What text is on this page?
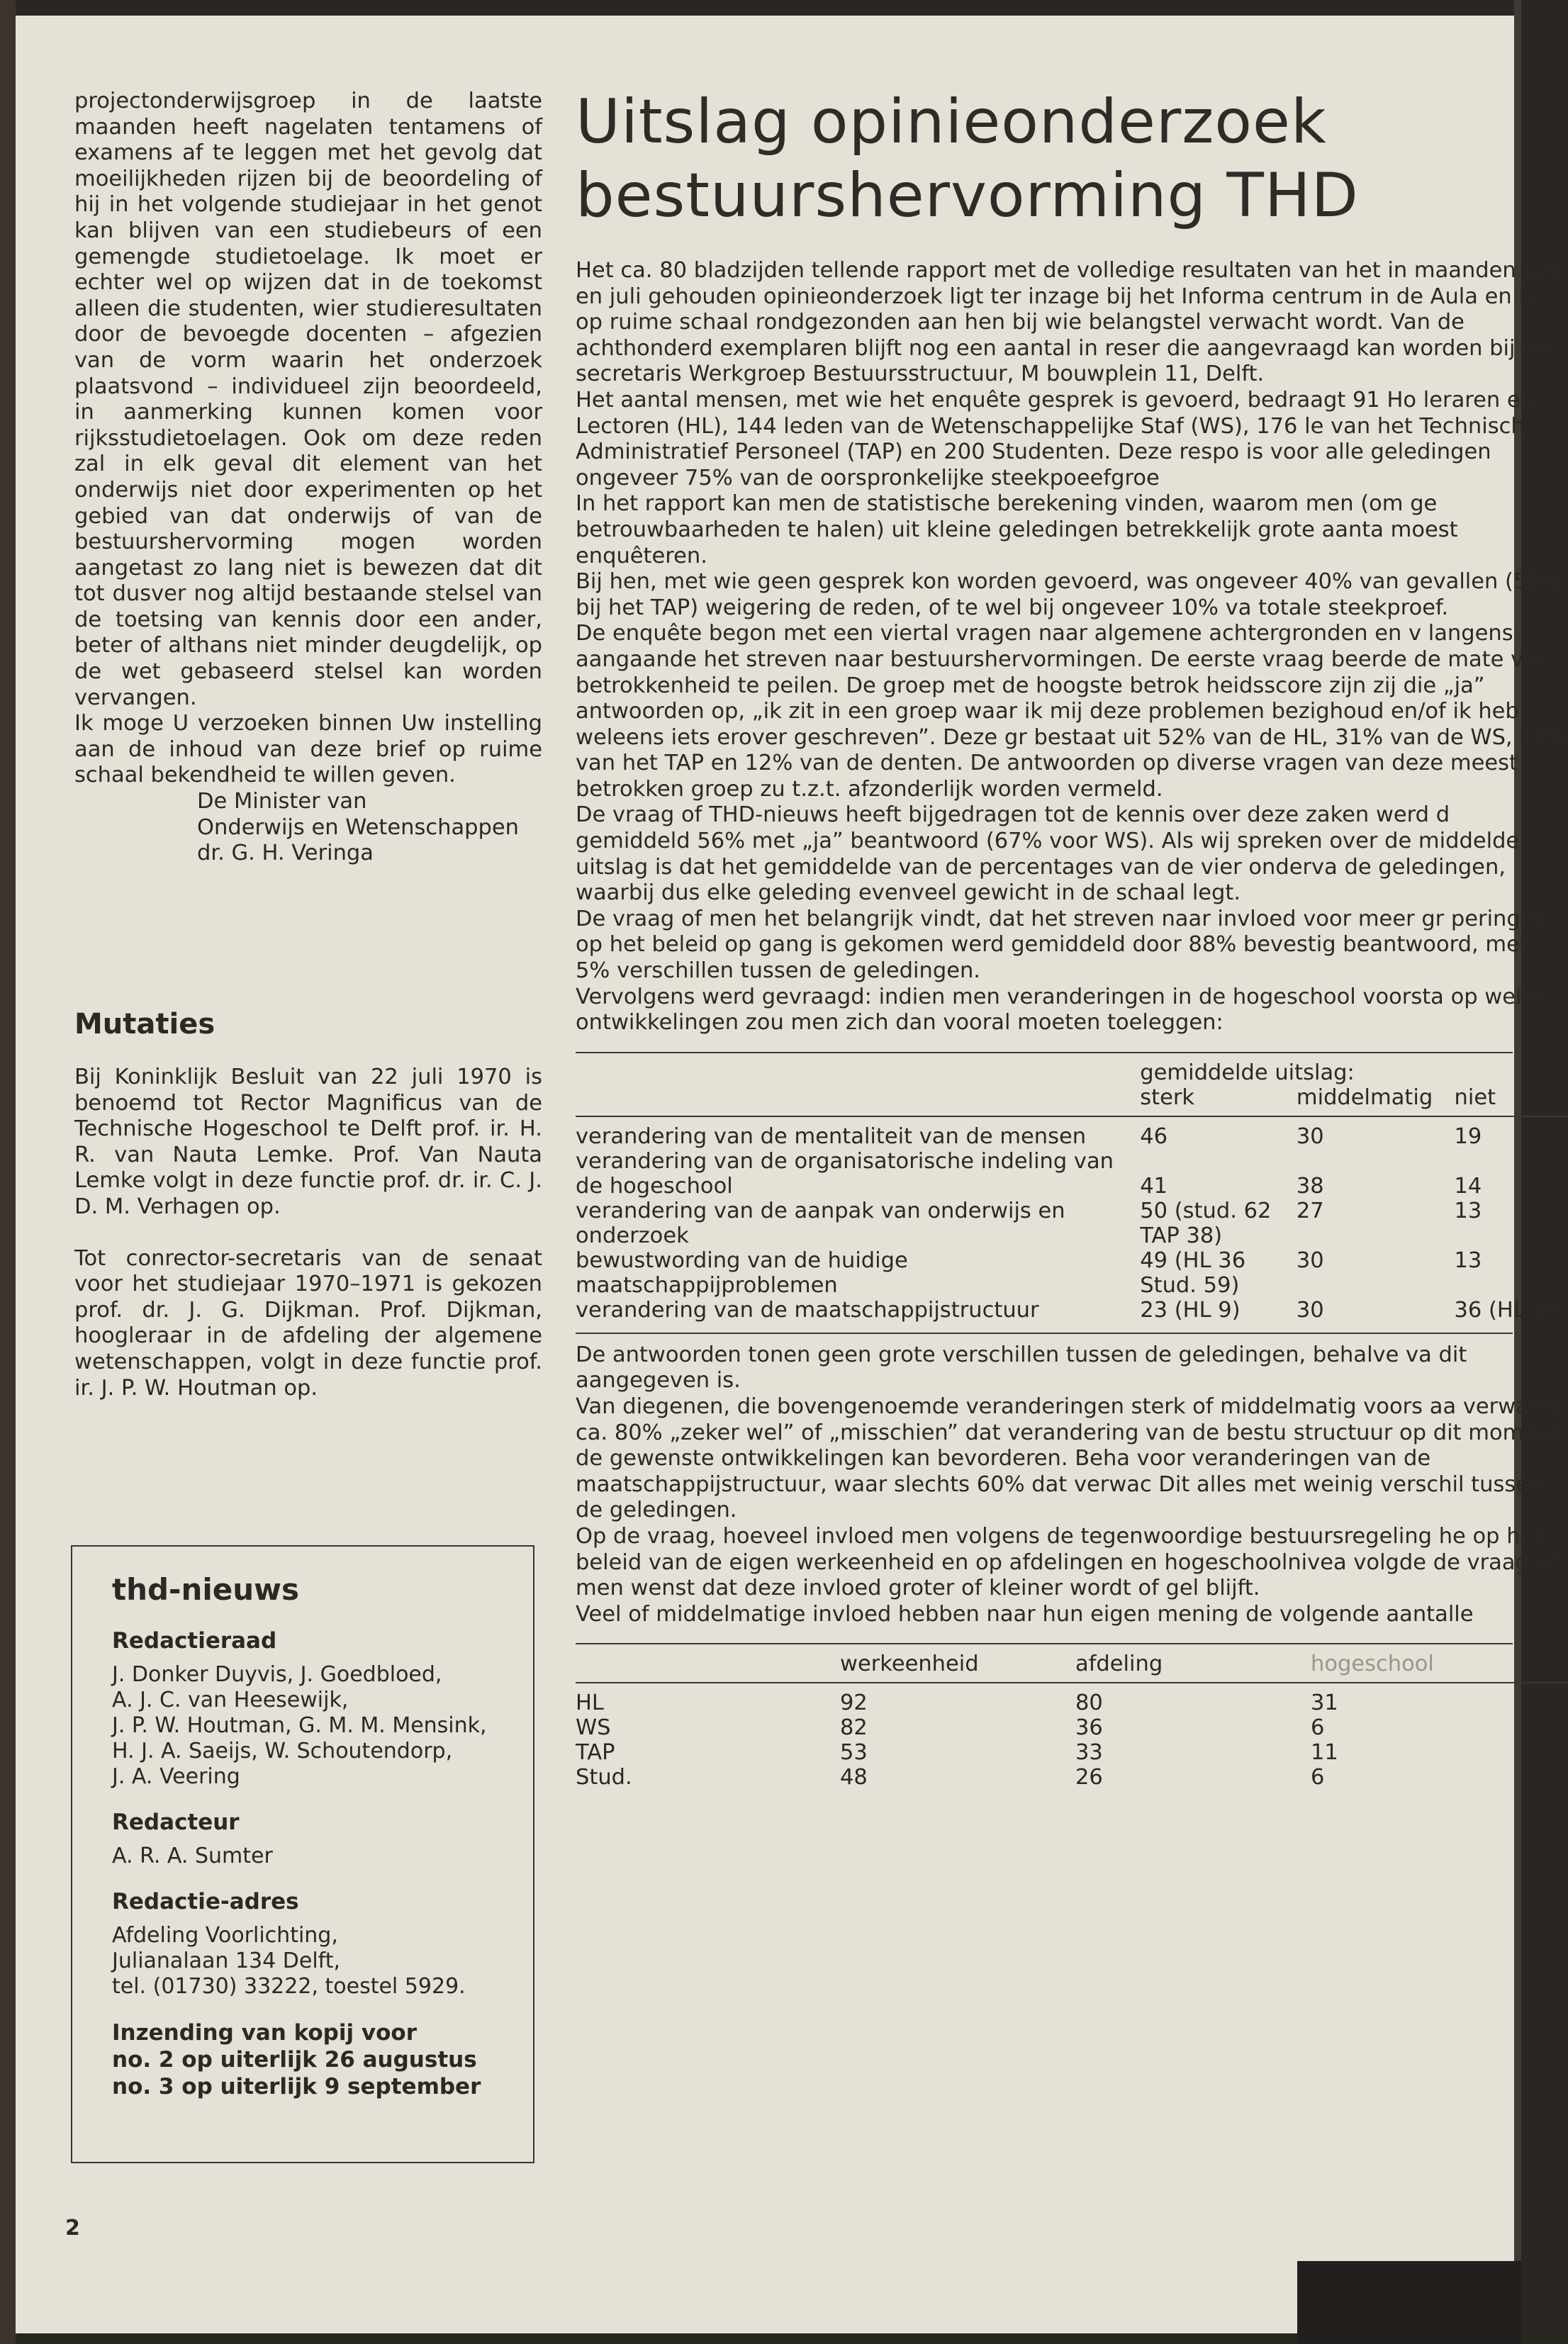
projectonderwijsgroep in de laatste maanden heeft nagelaten tentamens of examens af te leggen met het gevolg dat moeilijkheden rijzen bij de beoordeling of hij in het volgende studiejaar in het genot kan blijven van een studiebeurs of een gemengde studietoelage. Ik moet er echter wel op wijzen dat in de toekomst alleen die studenten, wier studieresultaten door de bevoegde docenten – afgezien van de vorm waarin het onderzoek plaatsvond – individueel zijn beoordeeld, in aanmerking kunnen komen voor rijksstudietoelagen. Ook om deze reden zal in elk geval dit element van het onderwijs niet door experimenten op het gebied van dat onderwijs of van de bestuurshervorming mogen worden aangetast zo lang niet is bewezen dat dit tot dusver nog altijd bestaande stelsel van de toetsing van kennis door een ander, beter of althans niet minder deugdelijk, op de wet gebaseerd stelsel kan worden vervangen.

Ik moge U verzoeken binnen Uw instelling aan de inhoud van deze brief op ruime schaal bekendheid te willen geven.

De Minister van
Onderwijs en Wetenschappen
dr. G. H. Veringa
Mutaties

Bij Koninklijk Besluit van 22 juli 1970 is benoemd tot Rector Magnificus van de Technische Hogeschool te Delft prof. ir. H. R. van Nauta Lemke. Prof. Van Nauta Lemke volgt in deze functie prof. dr. ir. C. J. D. M. Verhagen op.

Tot conrector-secretaris van de senaat voor het studiejaar 1970–1971 is gekozen prof. dr. J. G. Dijkman. Prof. Dijkman, hoogleraar in de afdeling der algemene wetenschappen, volgt in deze functie prof. ir. J. P. W. Houtman op.

thd-nieuws
Redactieraad
J. Donker Duyvis, J. Goedbloed,
A. J. C. van Heesewijk,
J. P. W. Houtman, G. M. M. Mensink,
H. J. A. Saeijs, W. Schoutendorp,
J. A. Veering
Redacteur
A. R. A. Sumter
Redactie-adres
Afdeling Voorlichting,
Julianalaan 134 Delft,
tel. (01730) 33222, toestel 5929.
Inzending van kopij voor
no. 2 op uiterlijk 26 augustus
no. 3 op uiterlijk 9 september
2
Uitslag opinieonderzoek
bestuurshervorming THD

Het ca. 80 bladzijden tellende rapport met de volledige resultaten van het in maanden juni en juli gehouden opinieonderzoek ligt ter inzage bij het Informa centrum in de Aula en is op ruime schaal rondgezonden aan hen bij wie belangstel verwacht wordt. Van de achthonderd exemplaren blijft nog een aantal in reser die aangevraagd kan worden bij de secretaris Werkgroep Bestuursstructuur, M bouwplein 11, Delft.

Het aantal mensen, met wie het enquête gesprek is gevoerd, bedraagt 91 Ho leraren en Lectoren (HL), 144 leden van de Wetenschappelijke Staf (WS), 176 le van het Technisch Administratief Personeel (TAP) en 200 Studenten. Deze respo is voor alle geledingen ongeveer 75% van de oorspronkelijke steekpoeefgroe

In het rapport kan men de statistische berekening vinden, waarom men (om ge betrouwbaarheden te halen) uit kleine geledingen betrekkelijk grote aanta moest enquêteren.

Bij hen, met wie geen gesprek kon worden gevoerd, was ongeveer 40% van gevallen (55% bij het TAP) weigering de reden, of te wel bij ongeveer 10% va totale steekproef.

De enquête begon met een viertal vragen naar algemene achtergronden en v langens aangaande het streven naar bestuurshervormingen. De eerste vraag beerde de mate van betrokkenheid te peilen. De groep met de hoogste betrok heidsscore zijn zij die „ja” antwoorden op, „ik zit in een groep waar ik mij deze problemen bezighoud en/of ik heb weleens iets erover geschreven”. Deze gr bestaat uit 52% van de HL, 31% van de WS, 15% van het TAP en 12% van de denten. De antwoorden op diverse vragen van deze meest betrokken groep zu t.z.t. afzonderlijk worden vermeld.

De vraag of THD-nieuws heeft bijgedragen tot de kennis over deze zaken werd d gemiddeld 56% met „ja” beantwoord (67% voor WS). Als wij spreken over de middelde uitslag is dat het gemiddelde van de percentages van de vier onderva de geledingen, waarbij dus elke geleding evenveel gewicht in de schaal legt.

De vraag of men het belangrijk vindt, dat het streven naar invloed voor meer gr peringen op het beleid op gang is gekomen werd gemiddeld door 88% bevestig beantwoord, met 5% verschillen tussen de geledingen.

Vervolgens werd gevraagd: indien men veranderingen in de hogeschool voorsta op welke ontwikkelingen zou men zich dan vooral moeten toeleggen:

	gemiddelde uitslag:		
	sterk	middelmatig	niet

verandering van de mentaliteit van de mensen	46	30	19
verandering van de organisatorische indeling van de hogeschool	41	38	14
verandering van de aanpak van onderwijs en onderzoek	50 (stud. 62 TAP 38)	27	13
bewustwording van de huidige maatschappijproblemen	49 (HL 36 Stud. 59)	30	13
verandering van de maatschappijstructuur	23 (HL 9)	30	36 (HL 49

De antwoorden tonen geen grote verschillen tussen de geledingen, behalve va dit aangegeven is.

Van diegenen, die bovengenoemde veranderingen sterk of middelmatig voors aa verwacht ca. 80% „zeker wel” of „misschien” dat verandering van de bestu structuur op dit moment de gewenste ontwikkelingen kan bevorderen. Beha voor veranderingen van de maatschappijstructuur, waar slechts 60% dat verwac Dit alles met weinig verschil tussen de geledingen.

Op de vraag, hoeveel invloed men volgens de tegenwoordige bestuursregeling he op het beleid van de eigen werkeenheid en op afdelingen en hogeschoolnivea volgde de vraag of men wenst dat deze invloed groter of kleiner wordt of gel blijft.

Veel of middelmatige invloed hebben naar hun eigen mening de volgende aantalle

	werkeenheid	afdeling	hogeschool

HL	92	80	31
WS	82	36	6
TAP	53	33	11
Stud.	48	26	6
